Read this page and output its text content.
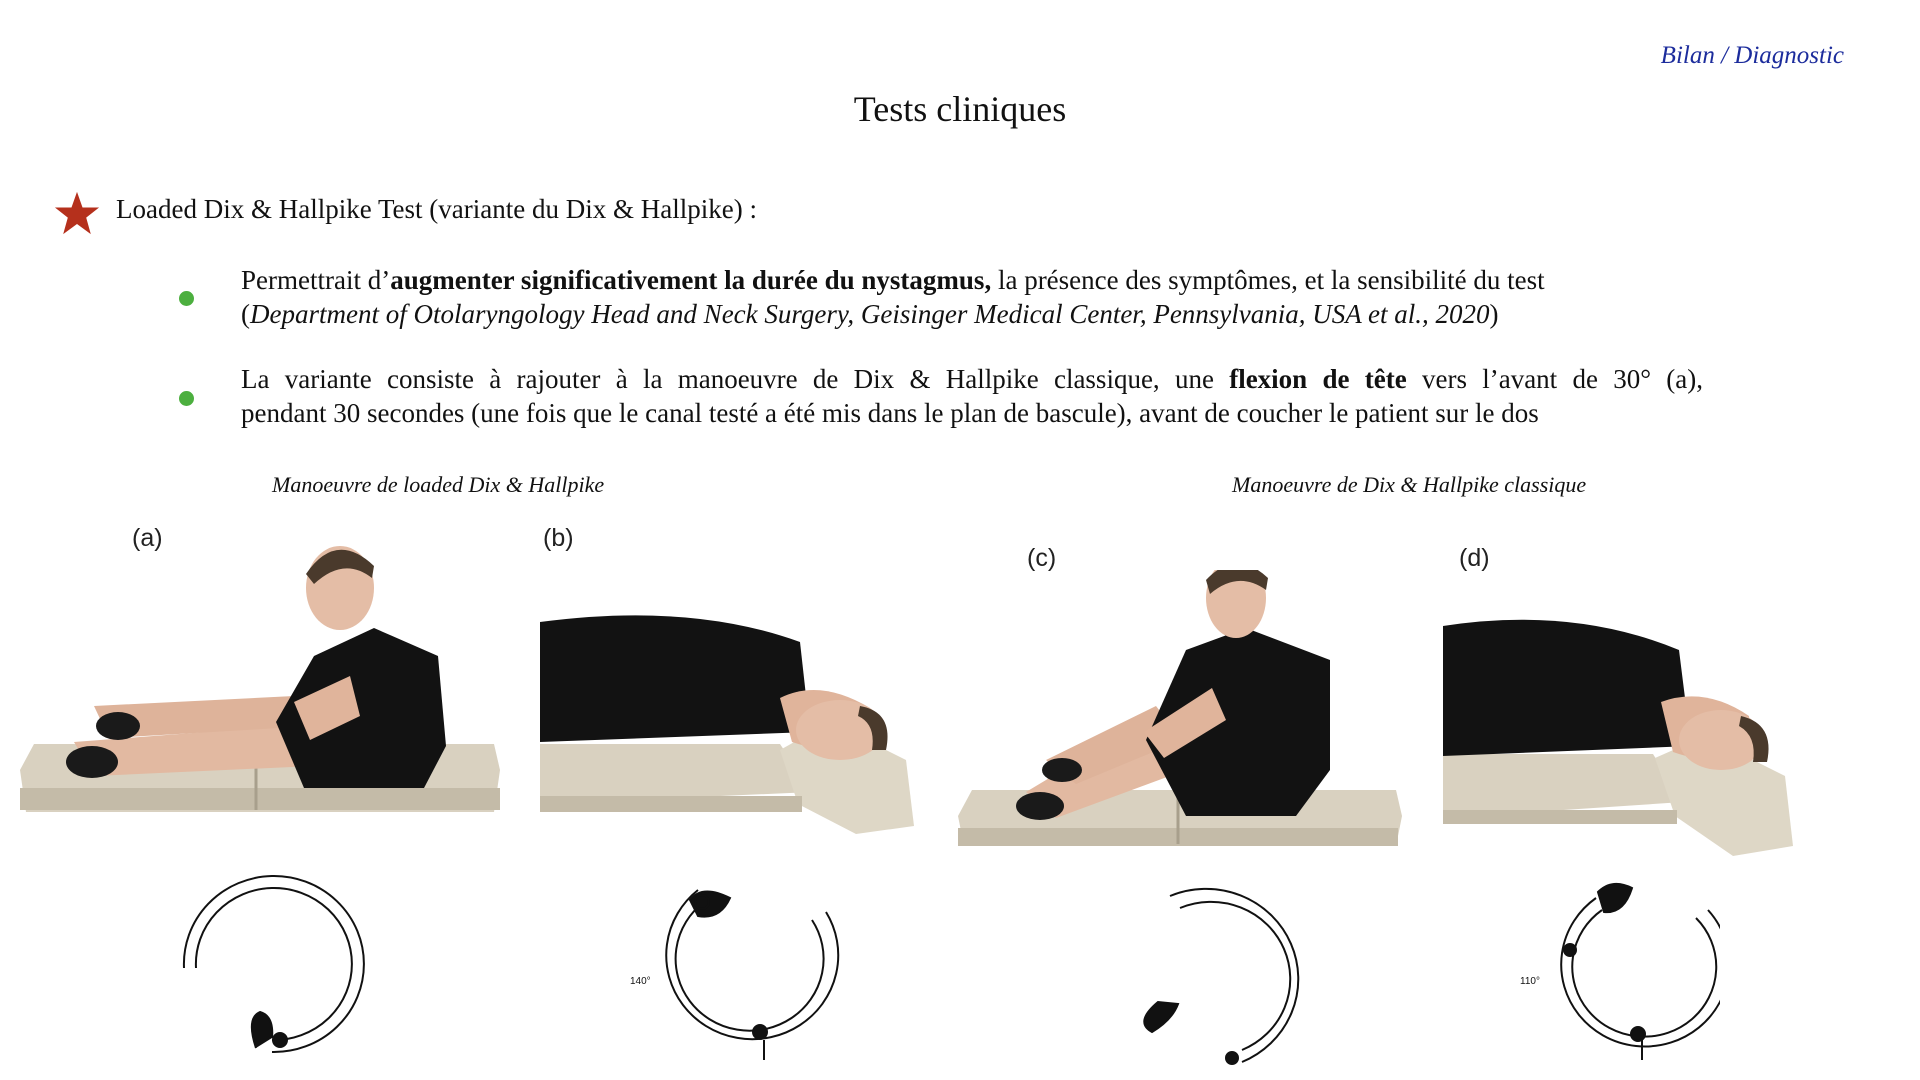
Bilan / Diagnostic
Tests cliniques
Loaded Dix & Hallpike Test (variante du Dix & Hallpike) :
Permettrait d’augmenter significativement la durée du nystagmus, la présence des symptômes, et la sensibilité du test
(Department of Otolaryngology Head and Neck Surgery, Geisinger Medical Center, Pennsylvania, USA et al., 2020)
La variante consiste à rajouter à la manoeuvre de Dix & Hallpike classique, une flexion de tête vers l’avant de 30° (a),
pendant 30 secondes (une fois que le canal testé a été mis dans le plan de bascule), avant de coucher le patient sur le dos
Manoeuvre de loaded Dix & Hallpike	Manoeuvre de Dix & Hallpike classique
(a)	(b)
(c)	(d)
140°	110°
